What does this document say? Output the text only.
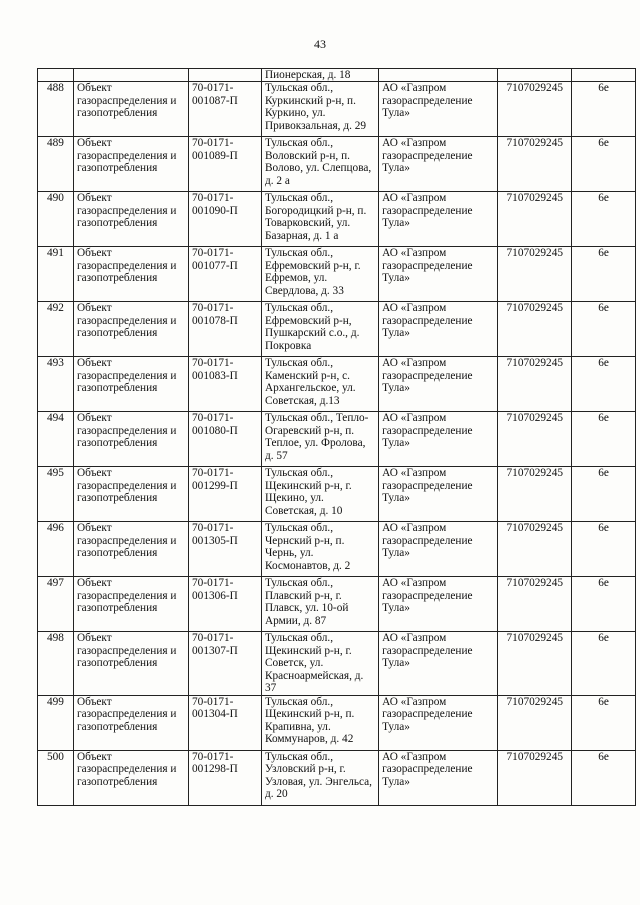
43
			Пионерская, д. 18			
488	Объект газораспределения и газопотребления	70-0171-001087-П	Тульская обл., Куркинский р-н, п. Куркино, ул. Привокзальная, д. 29	АО «Газпром газораспределение Тула»	7107029245	6е
489	Объект газораспределения и газопотребления	70-0171-001089-П	Тульская обл., Воловский р-н, п. Волово, ул. Слепцова, д. 2 а	АО «Газпром газораспределение Тула»	7107029245	6е
490	Объект газораспределения и газопотребления	70-0171-001090-П	Тульская обл., Богородицкий р-н, п. Товарковский, ул. Базарная, д. 1 а	АО «Газпром газораспределение Тула»	7107029245	6е
491	Объект газораспределения и газопотребления	70-0171-001077-П	Тульская обл., Ефремовский р-н, г. Ефремов, ул. Свердлова, д. 33	АО «Газпром газораспределение Тула»	7107029245	6е
492	Объект газораспределения и газопотребления	70-0171-001078-П	Тульская обл., Ефремовский р-н, Пушкарский с.о., д. Покровка	АО «Газпром газораспределение Тула»	7107029245	6е
493	Объект газораспределения и газопотребления	70-0171-001083-П	Тульская обл., Каменский р-н, с. Архангельское, ул. Советская, д.13	АО «Газпром газораспределение Тула»	7107029245	6е
494	Объект газораспределения и газопотребления	70-0171-001080-П	Тульская обл., Тепло-Огаревский р-н, п. Теплое, ул. Фролова, д. 57	АО «Газпром газораспределение Тула»	7107029245	6е
495	Объект газораспределения и газопотребления	70-0171-001299-П	Тульская обл., Щекинский р-н, г. Щекино, ул. Советская, д. 10	АО «Газпром газораспределение Тула»	7107029245	6е
496	Объект газораспределения и газопотребления	70-0171-001305-П	Тульская обл., Чернский р-н, п. Чернь, ул. Космонавтов, д. 2	АО «Газпром газораспределение Тула»	7107029245	6е
497	Объект газораспределения и газопотребления	70-0171-001306-П	Тульская обл., Плавский р-н, г. Плавск, ул. 10-ой Армии, д. 87	АО «Газпром газораспределение Тула»	7107029245	6е
498	Объект газораспределения и газопотребления	70-0171-001307-П	Тульская обл., Щекинский р-н, г. Советск, ул. Красноармейская, д. 37	АО «Газпром газораспределение Тула»	7107029245	6е
499	Объект газораспределения и газопотребления	70-0171-001304-П	Тульская обл., Щекинский р-н, п. Крапивна, ул. Коммунаров, д. 42	АО «Газпром газораспределение Тула»	7107029245	6е
500	Объект газораспределения и газопотребления	70-0171-001298-П	Тульская обл., Узловский р-н, г. Узловая, ул. Энгельса, д. 20	АО «Газпром газораспределение Тула»	7107029245	6е
